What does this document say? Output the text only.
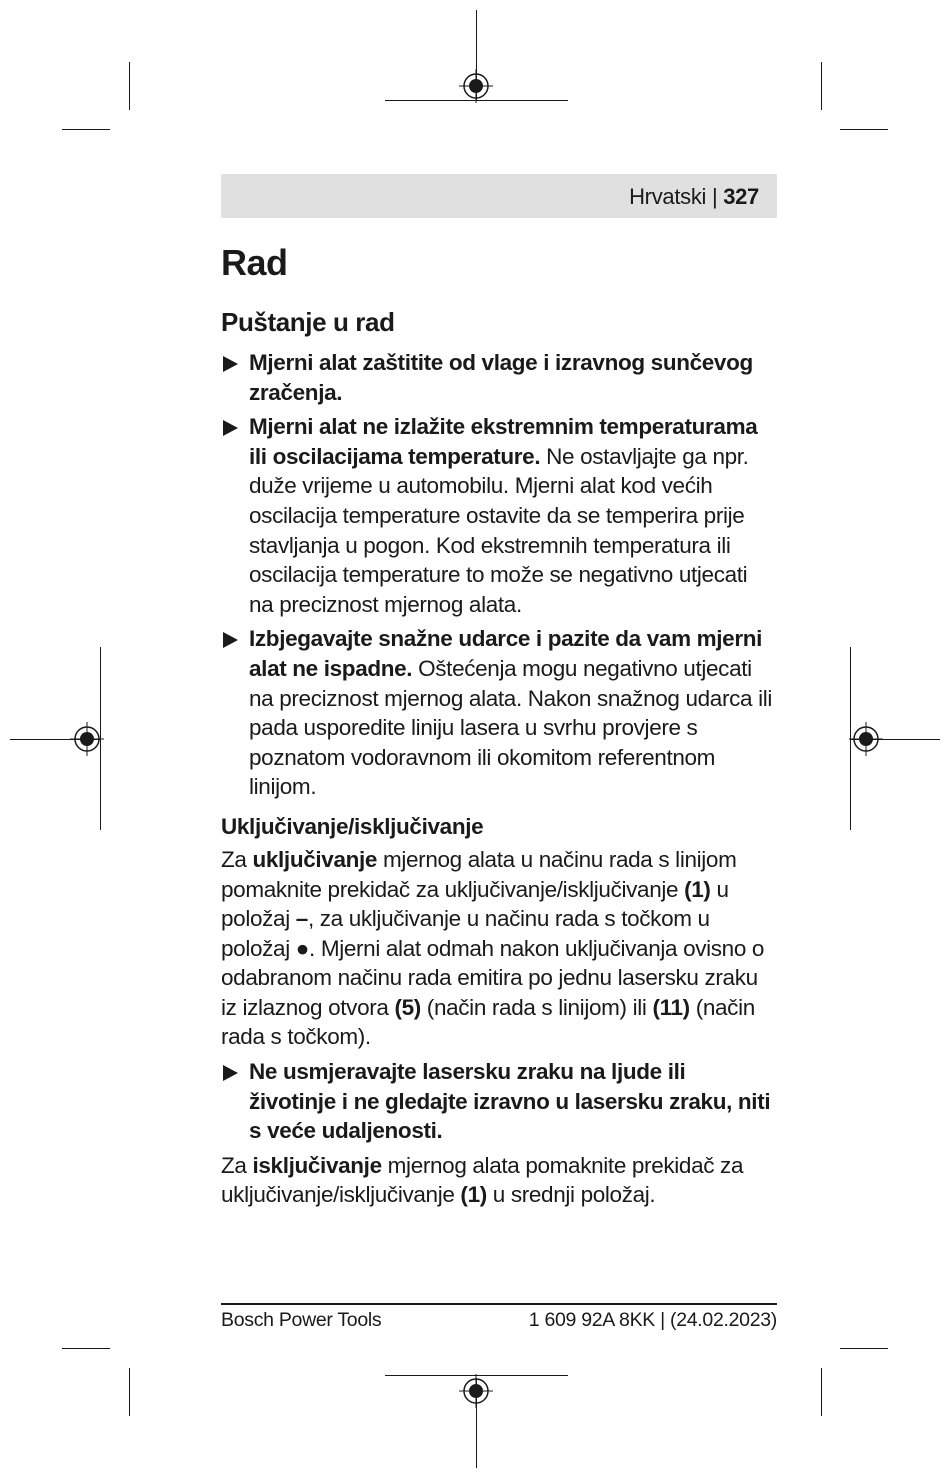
Hrvatski | 327
Rad
Puštanje u rad
Mjerni alat zaštitite od vlage i izravnog sunčevog zračenja.
Mjerni alat ne izlažite ekstremnim temperaturama ili oscilacijama temperature. Ne ostavljajte ga npr. duže vrijeme u automobilu. Mjerni alat kod većih oscilacija temperature ostavite da se temperira prije stavljanja u pogon. Kod ekstremnih temperatura ili oscilacija temperature to može se negativno utjecati na preciznost mjernog alata.
Izbjegavajte snažne udarce i pazite da vam mjerni alat ne ispadne. Oštećenja mogu negativno utjecati na preciznost mjernog alata. Nakon snažnog udarca ili pada usporedite liniju lasera u svrhu provjere s poznatom vodoravnom ili okomitom referentnom linijom.
Uključivanje/isključivanje

Za uključivanje mjernog alata u načinu rada s linijom pomaknite prekidač za uključivanje/isključivanje (1) u položaj –, za uključivanje u načinu rada s točkom u položaj ●. Mjerni alat odmah nakon uključivanja ovisno o odabranom načinu rada emitira po jednu lasersku zraku iz izlaznog otvora (5) (način rada s linijom) ili (11) (način rada s točkom).

Ne usmjeravajte lasersku zraku na ljude ili životinje i ne gledajte izravno u lasersku zraku, niti s veće udaljenosti.

Za isključivanje mjernog alata pomaknite prekidač za uključivanje/isključivanje (1) u srednji položaj.

Bosch Power Tools	1 609 92A 8KK | (24.02.2023)
